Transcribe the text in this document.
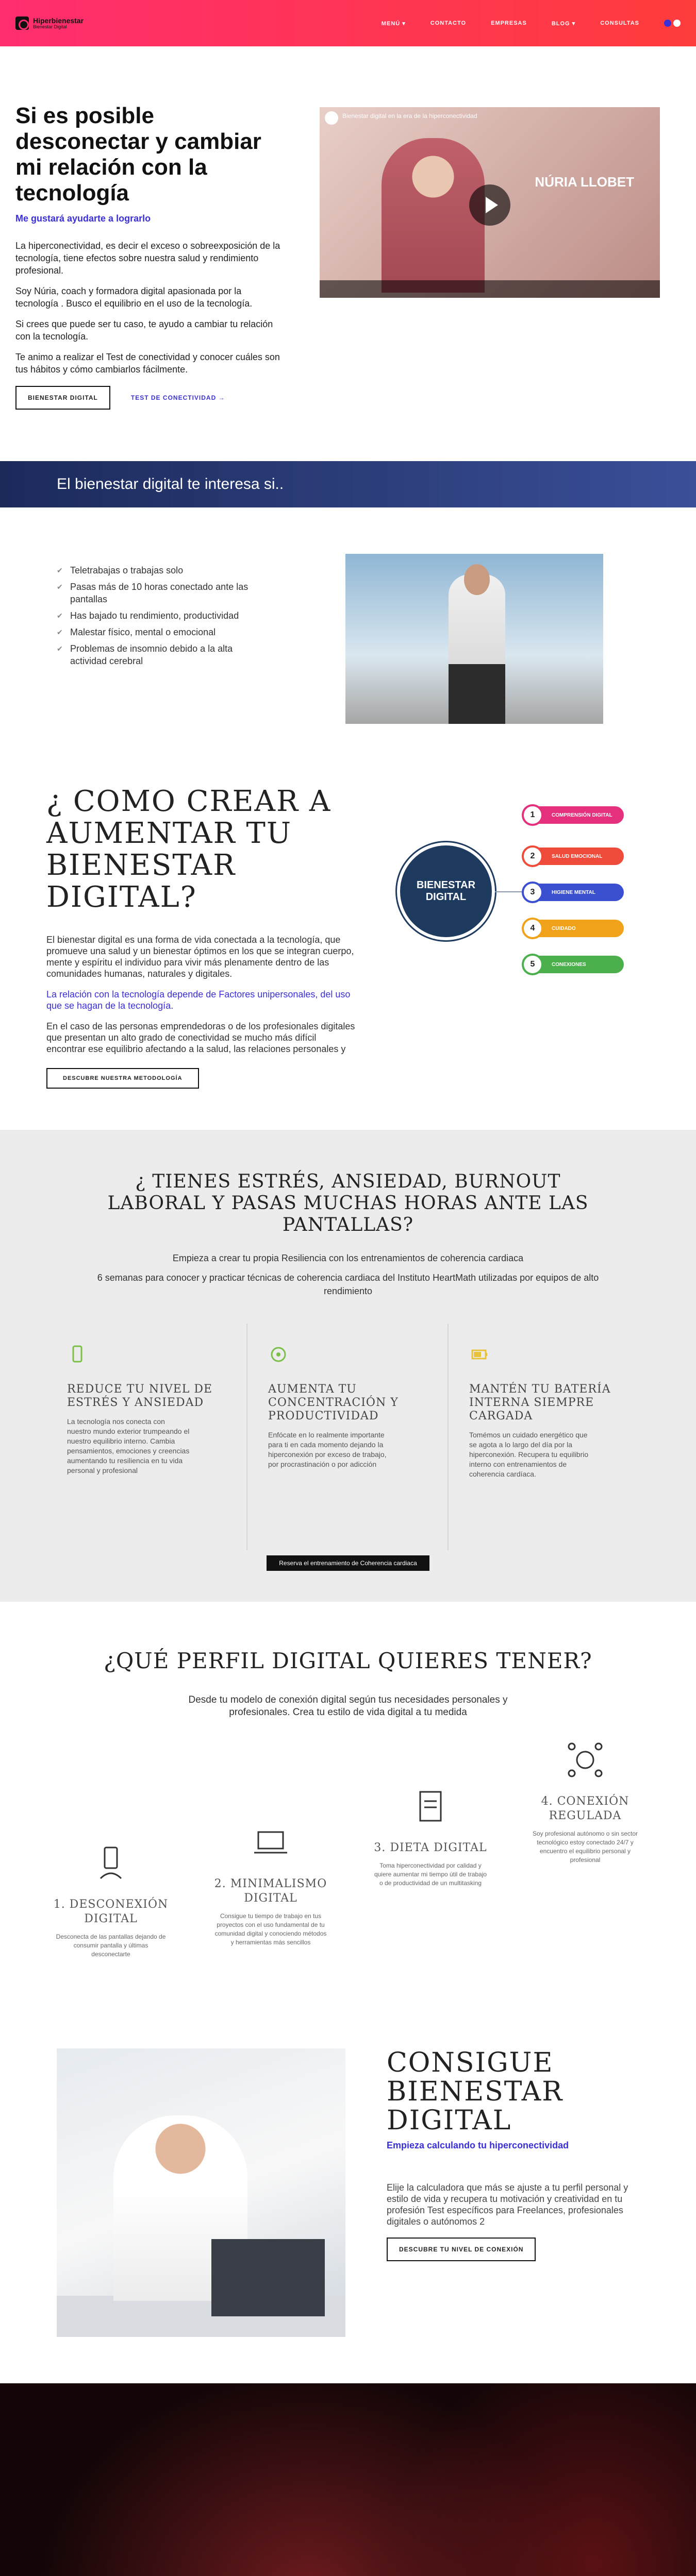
Hiperbienestar
Bienestar Digital
MENÚ ▾	CONTACTO	EMPRESAS	BLOG ▾	CONSULTAS
Si es posible desconectar y cambiar mi relación con la tecnología
Me gustará ayudarte a lograrlo

La hiperconectividad, es decir el exceso o sobreexposición de la tecnología, tiene efectos sobre nuestra salud y rendimiento profesional.

Soy Núria, coach y formadora digital apasionada por la tecnología . Busco el equilibrio en el uso de la tecnología.

Si crees que puede ser tu caso, te ayudo a cambiar tu relación con la tecnología.

Te animo a realizar el Test de conectividad y conocer cuáles son tus hábitos y cómo cambiarlos fácilmente.

BIENESTAR DIGITAL	TEST DE CONECTIVIDAD →
Bienestar digital en la era de la hiperconectividad
NÚRIA LLOBET
El bienestar digital te interesa si..
✔ Teletrabajas o trabajas solo
✔ Pasas más de 10 horas conectado ante las pantallas
✔ Has bajado tu rendimiento, productividad
✔ Malestar físico, mental o emocional
✔ Problemas de insomnio debido a la alta actividad cerebral
¿ COMO CREAR A AUMENTAR TU BIENESTAR DIGITAL?

El bienestar digital es una forma de vida conectada a la tecnología, que promueve una salud y un bienestar óptimos en los que se integran cuerpo, mente y espíritu el individuo para vivir más plenamente dentro de las comunidades humanas, naturales y digitales.

La relación con la tecnología depende de Factores unipersonales, del uso que se hagan de la tecnología.

En el caso de las personas emprendedoras o de los profesionales digitales que presentan un alto grado de conectividad se mucho más difícil encontrar ese equilibrio afectando a la salud, las relaciones personales y

DESCUBRE NUESTRA METODOLOGÍA
BIENESTAR DIGITAL
1	COMPRENSIÓN DIGITAL
2	SALUD EMOCIONAL
3	HIGIENE MENTAL
4	CUIDADO
5	CONEXIONES
¿ TIENES ESTRÉS, ANSIEDAD, BURNOUT LABORAL Y PASAS MUCHAS HORAS ANTE LAS PANTALLAS?

Empieza a crear tu propia Resiliencia con los entrenamientos de coherencia cardiaca

6 semanas para conocer y practicar técnicas de coherencia cardiaca del Instituto HeartMath utilizadas por equipos de alto rendimiento

REDUCE TU NIVEL DE ESTRÉS Y ANSIEDAD

La tecnología nos conecta con nuestro mundo exterior trumpeando el nuestro equilibrio interno. Cambia pensamientos, emociones y creencias aumentando tu resiliencia en tu vida personal y profesional

AUMENTA TU CONCENTRACIÓN Y PRODUCTIVIDAD

Enfócate en lo realmente importante para ti en cada momento dejando la hiperconexión por exceso de trabajo, por procrastinación o por adicción

MANTÉN TU BATERÍA INTERNA SIEMPRE CARGADA

Tomémos un cuidado energético que se agota a lo largo del día por la hiperconexión. Recupera tu equilibrio interno con entrenamientos de coherencia cardíaca.

Reserva el entrenamiento de Coherencia cardiaca
¿QUÉ PERFIL DIGITAL QUIERES TENER?
Desde tu modelo de conexión digital según tus necesidades personales y profesionales. Crea tu estilo de vida digital a tu medida
1. DESCONEXIÓN DIGITAL

Desconecta de las pantallas dejando de consumir pantalla y últimas desconectarte

2. MINIMALISMO DIGITAL

Consigue tu tiempo de trabajo en tus proyectos con el uso fundamental de tu comunidad digital y conociendo métodos y herramientas más sencillos

3. DIETA DIGITAL

Toma hiperconectividad por calidad y quiere aumentar mi tiempo útil de trabajo o de productividad de un multitasking

4. CONEXIÓN REGULADA

Soy profesional autónomo o sin sector tecnológico estoy conectado 24/7 y encuentro el equilibrio personal y profesional

CONSIGUE BIENESTAR DIGITAL
Empieza calculando tu hiperconectividad

Elije la calculadora que más se ajuste a tu perfil personal y estilo de vida y recupera tu motivación y creatividad en tu profesión Test específicos para Freelances, profesionales digitales o autónomos 2

DESCUBRE TU NIVEL DE CONEXIÓN
